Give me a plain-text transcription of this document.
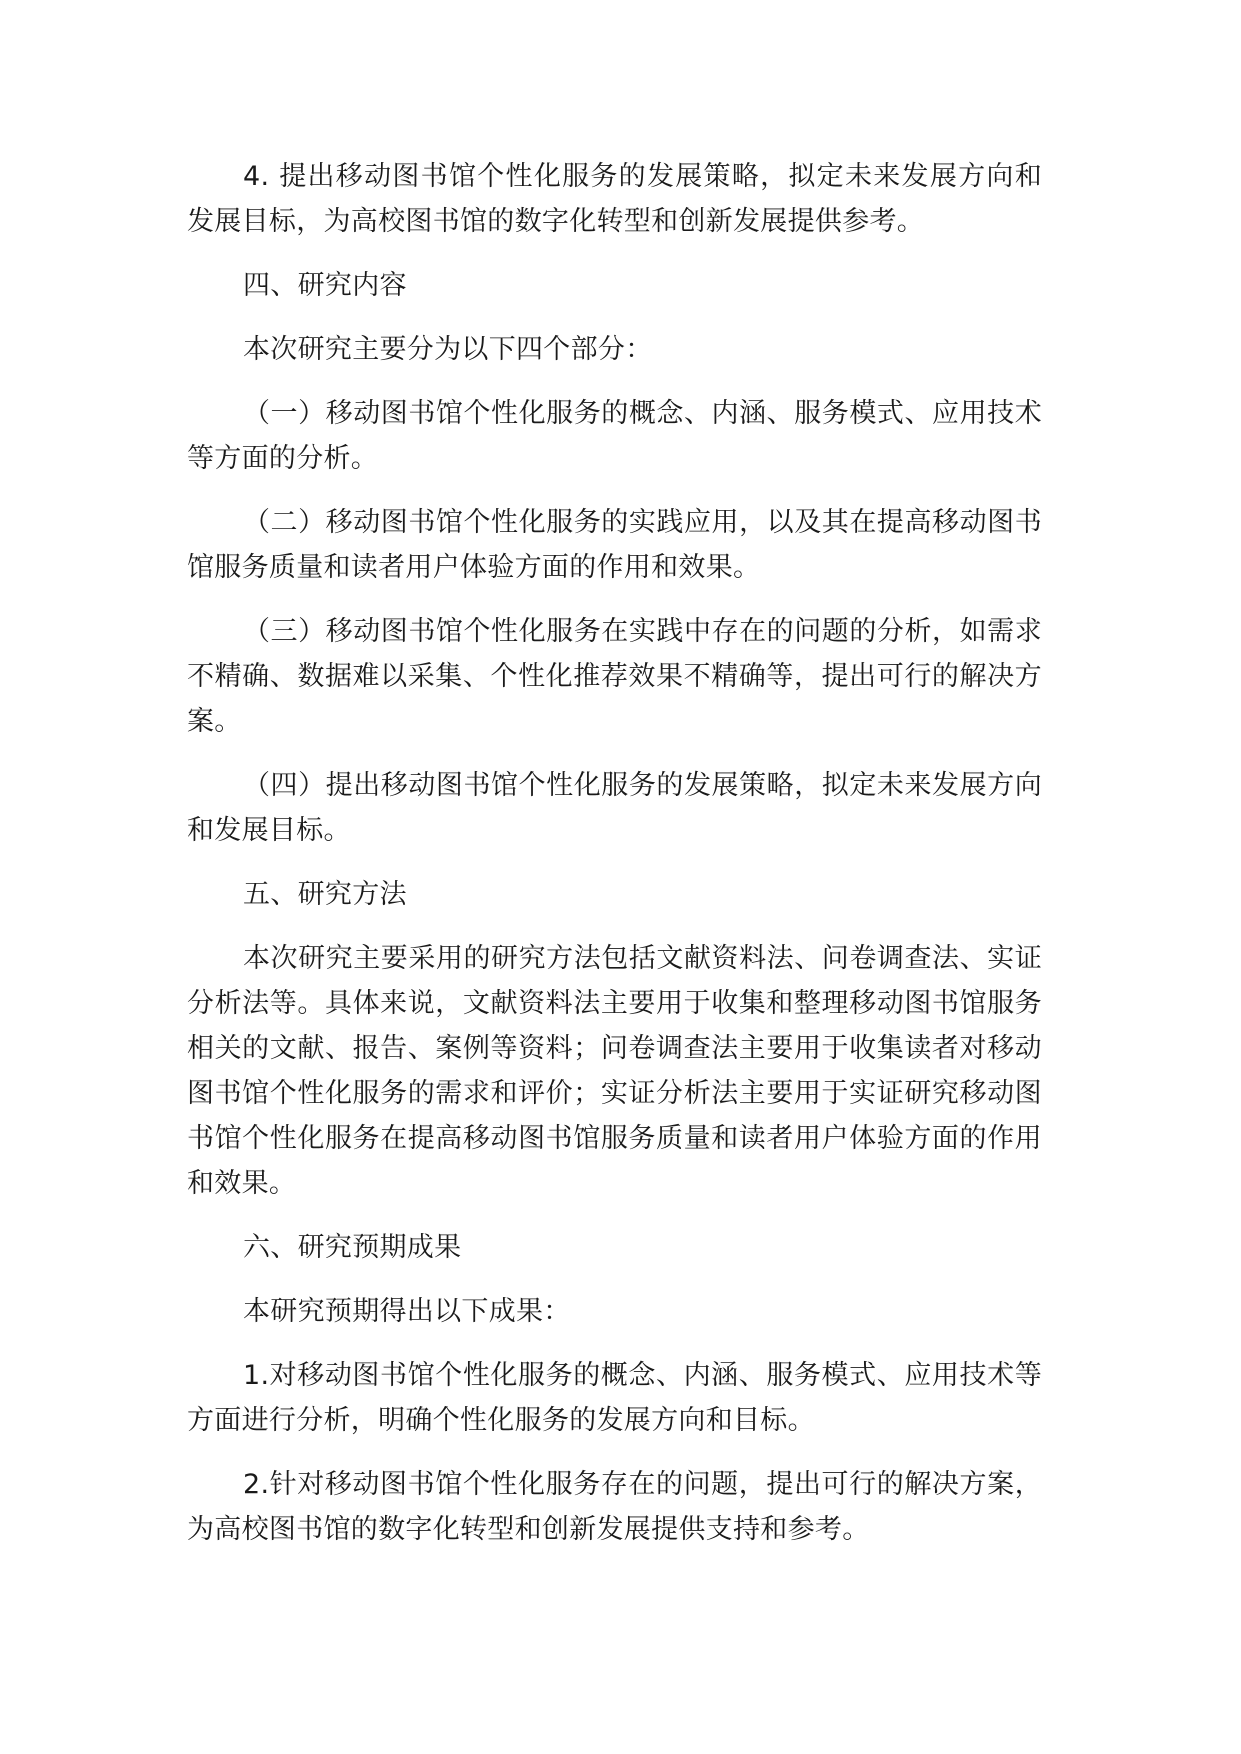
4. 提出移动图书馆个性化服务的发展策略，拟定未来发展方向和发展目标，为高校图书馆的数字化转型和创新发展提供参考。

四、研究内容

本次研究主要分为以下四个部分：

（一）移动图书馆个性化服务的概念、内涵、服务模式、应用技术等方面的分析。

（二）移动图书馆个性化服务的实践应用，以及其在提高移动图书馆服务质量和读者用户体验方面的作用和效果。

（三）移动图书馆个性化服务在实践中存在的问题的分析，如需求不精确、数据难以采集、个性化推荐效果不精确等，提出可行的解决方案。

（四）提出移动图书馆个性化服务的发展策略，拟定未来发展方向和发展目标。

五、研究方法

本次研究主要采用的研究方法包括文献资料法、问卷调查法、实证分析法等。具体来说，文献资料法主要用于收集和整理移动图书馆服务相关的文献、报告、案例等资料；问卷调查法主要用于收集读者对移动图书馆个性化服务的需求和评价；实证分析法主要用于实证研究移动图书馆个性化服务在提高移动图书馆服务质量和读者用户体验方面的作用和效果。

六、研究预期成果

本研究预期得出以下成果：

1.对移动图书馆个性化服务的概念、内涵、服务模式、应用技术等方面进行分析，明确个性化服务的发展方向和目标。

2.针对移动图书馆个性化服务存在的问题，提出可行的解决方案，为高校图书馆的数字化转型和创新发展提供支持和参考。
